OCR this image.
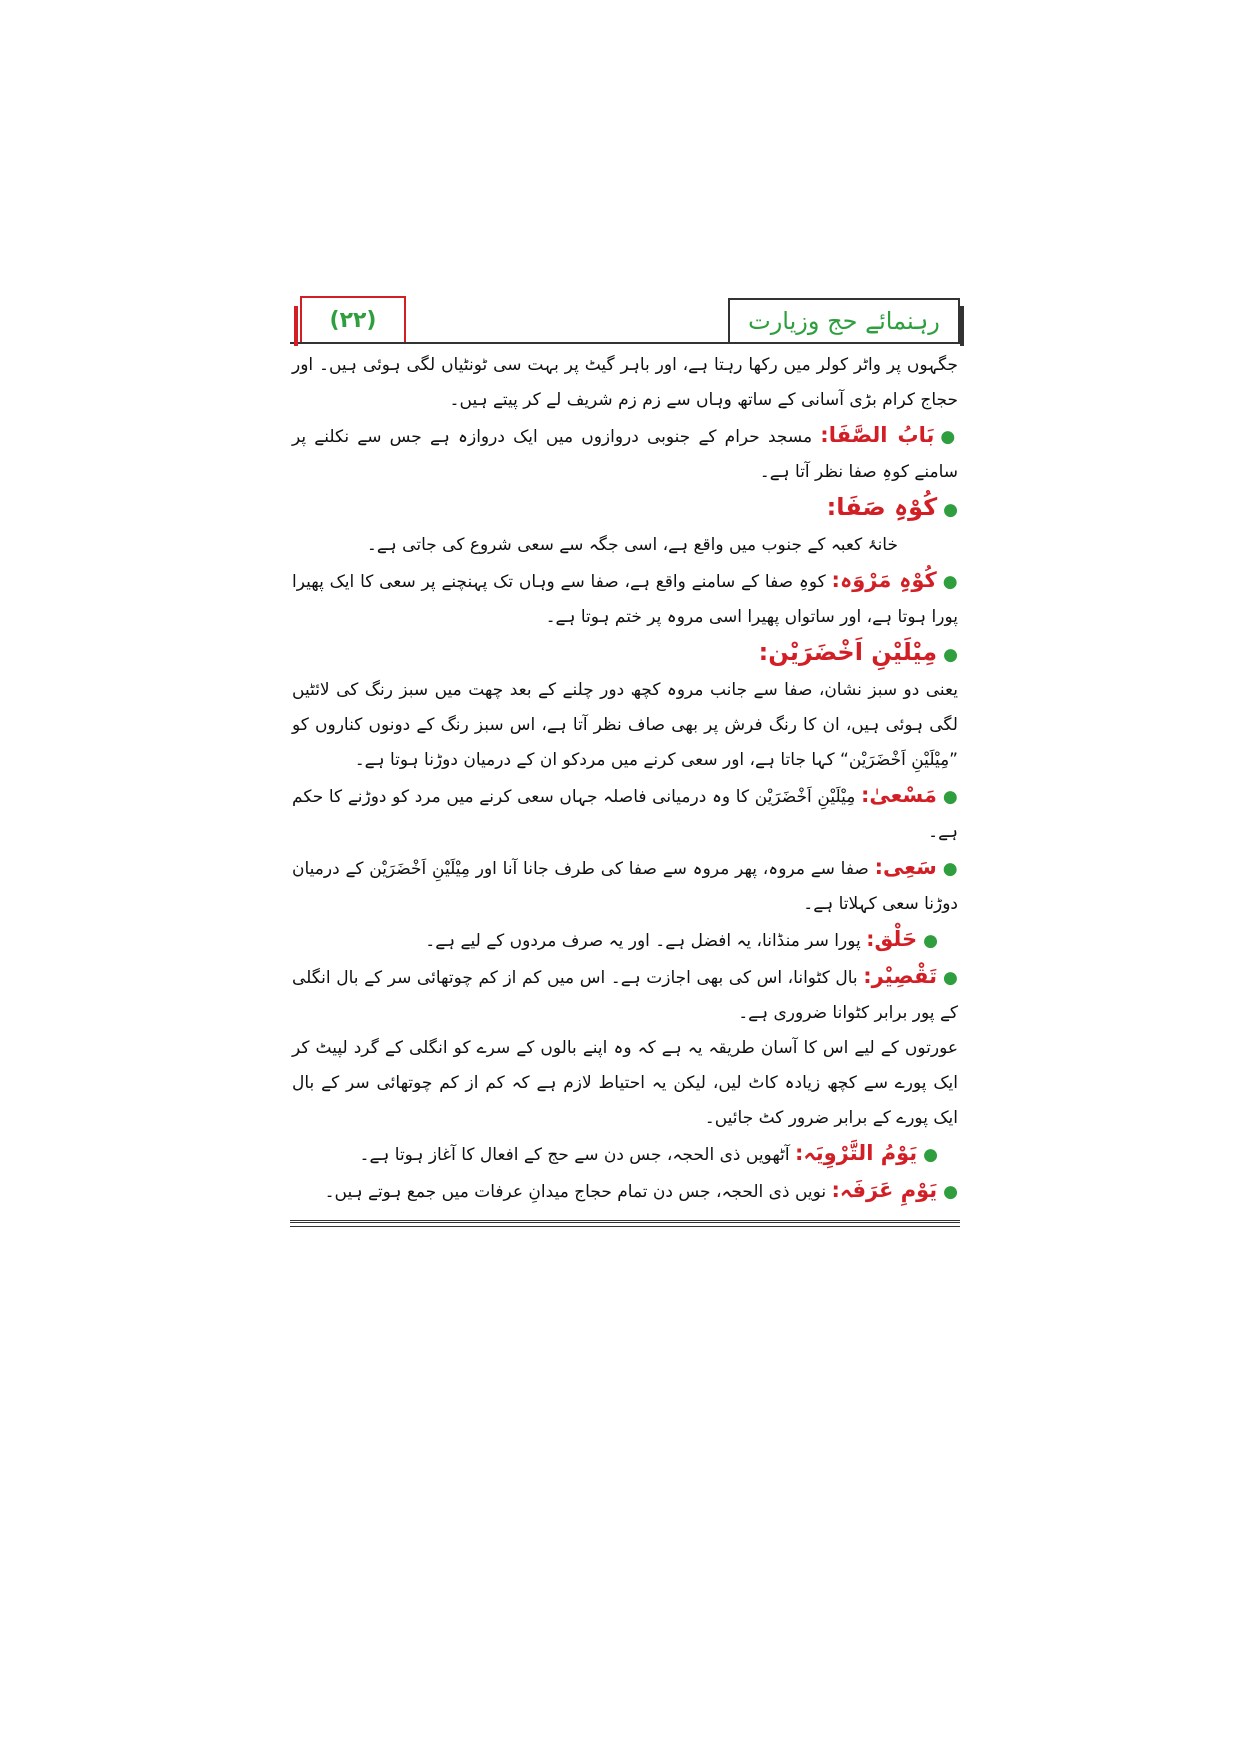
(۲۲)	رہنمائے حج وزیارت

جگہوں پر واٹر کولر میں رکھا رہتا ہے، اور باہر گیٹ پر بہت سی ٹونٹیاں لگی ہوئی ہیں۔ اور حجاج کرام بڑی آسانی کے ساتھ وہاں سے زم زم شریف لے کر پیتے ہیں۔

●بَابُ الصَّفَا: مسجد حرام کے جنوبی دروازوں میں ایک دروازہ ہے جس سے نکلنے پر سامنے کوہِ صفا نظر آتا ہے۔

●کُوْہِ صَفَا:

خانۂ کعبہ کے جنوب میں واقع ہے، اسی جگہ سے سعی شروع کی جاتی ہے۔

●کُوْہِ مَرْوَہ: کوہِ صفا کے سامنے واقع ہے، صفا سے وہاں تک پہنچنے پر سعی کا ایک پھیرا پورا ہوتا ہے، اور ساتواں پھیرا اسی مروہ پر ختم ہوتا ہے۔

●مِیْلَیْنِ اَخْضَرَیْن:

یعنی دو سبز نشان، صفا سے جانب مروہ کچھ دور چلنے کے بعد چھت میں سبز رنگ کی لائٹیں لگی ہوئی ہیں، ان کا رنگ فرش پر بھی صاف نظر آتا ہے، اس سبز رنگ کے دونوں کناروں کو ”مِیْلَیْنِ اَخْضَرَیْن“ کہا جاتا ہے، اور سعی کرنے میں مردکو ان کے درمیان دوڑنا ہوتا ہے۔

●مَسْعیٰ: مِیْلَیْنِ اَخْضَرَیْن کا وہ درمیانی فاصلہ جہاں سعی کرنے میں مرد کو دوڑنے کا حکم ہے۔

●سَعِی: صفا سے مروہ، پھر مروہ سے صفا کی طرف جانا آنا اور مِیْلَیْنِ اَخْضَرَیْن کے درمیان دوڑنا سعی کہلاتا ہے۔

●حَلْق: پورا سر منڈانا، یہ افضل ہے۔ اور یہ صرف مردوں کے لیے ہے۔

●تَقْصِیْر: بال کٹوانا، اس کی بھی اجازت ہے۔ اس میں کم از کم چوتھائی سر کے بال انگلی کے پور برابر کٹوانا ضروری ہے۔

عورتوں کے لیے اس کا آسان طریقہ یہ ہے کہ وہ اپنے بالوں کے سرے کو انگلی کے گرد لپیٹ کر ایک پورے سے کچھ زیادہ کاٹ لیں، لیکن یہ احتیاط لازم ہے کہ کم از کم چوتھائی سر کے بال ایک پورے کے برابر ضرور کٹ جائیں۔

●یَوْمُ التَّرْوِیَہ: آٹھویں ذی الحجہ، جس دن سے حج کے افعال کا آغاز ہوتا ہے۔

●یَوْمِ عَرَفَہ: نویں ذی الحجہ، جس دن تمام حجاج میدانِ عرفات میں جمع ہوتے ہیں۔
